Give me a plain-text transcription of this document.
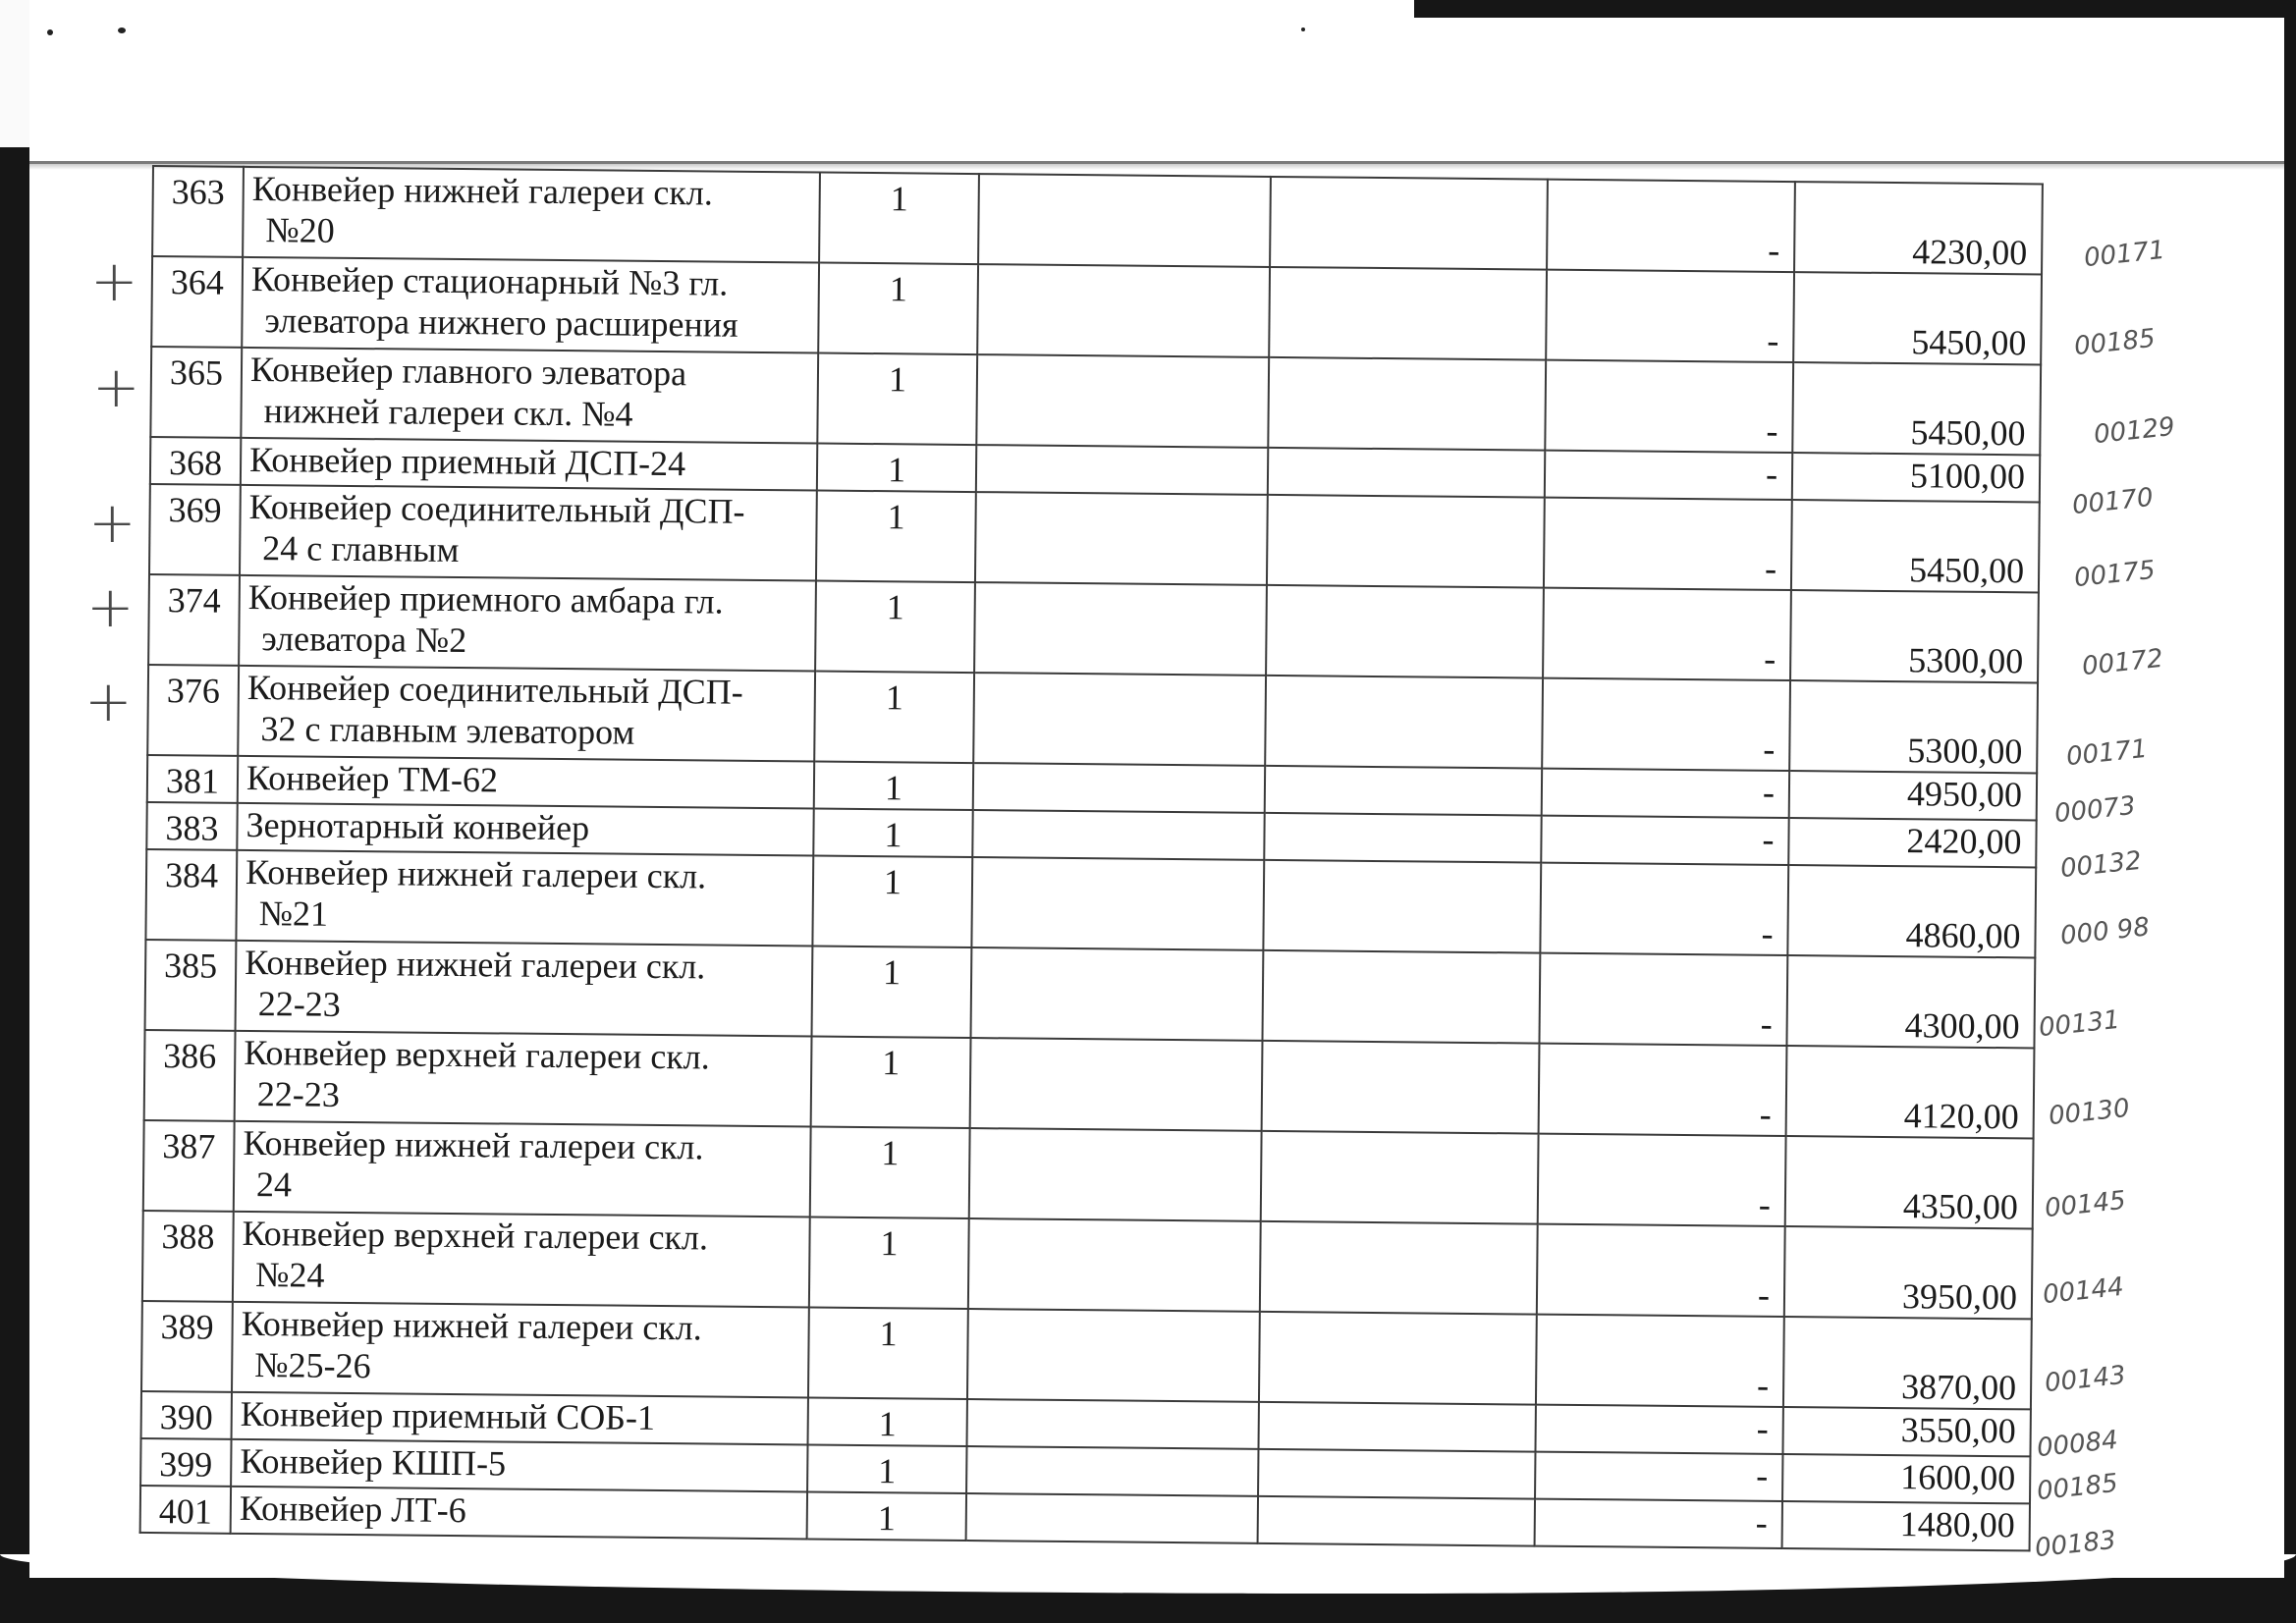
363	Конвейер нижней галереи скл.
№20	1			-	4230,00

364	Конвейер стационарный №3 гл.
элеватора нижнего расширения	1			-	5450,00

365	Конвейер главного элеватора
нижней галереи скл. №4	1			-	5450,00

368	Конвейер приемный ДСП-24	1			-	5100,00

369	Конвейер соединительный ДСП-
24 с главным	1			-	5450,00

374	Конвейер приемного амбара гл.
элеватора №2	1			-	5300,00

376	Конвейер соединительный ДСП-
32 с главным элеватором	1			-	5300,00

381	Конвейер ТМ-62	1			-	4950,00

383	Зернотарный конвейер	1			-	2420,00

384	Конвейер нижней галереи скл.
№21	1			-	4860,00

385	Конвейер нижней галереи скл.
22-23	1			-	4300,00

386	Конвейер верхней галереи скл.
22-23	1			-	4120,00

387	Конвейер нижней галереи скл.
24	1			-	4350,00

388	Конвейер верхней галереи скл.
№24	1			-	3950,00

389	Конвейер нижней галереи скл.
№25-26	1			-	3870,00

390	Конвейер приемный СОБ-1	1			-	3550,00

399	Конвейер КШП-5	1			-	1600,00

401	Конвейер ЛТ-6	1			-	1480,00
+
+
+
+
+
00171
00185
00129
00170
00175
00172
00171
00073
00132
000 98
00131
00130
00145
00144
00143
00084
00185
00183
